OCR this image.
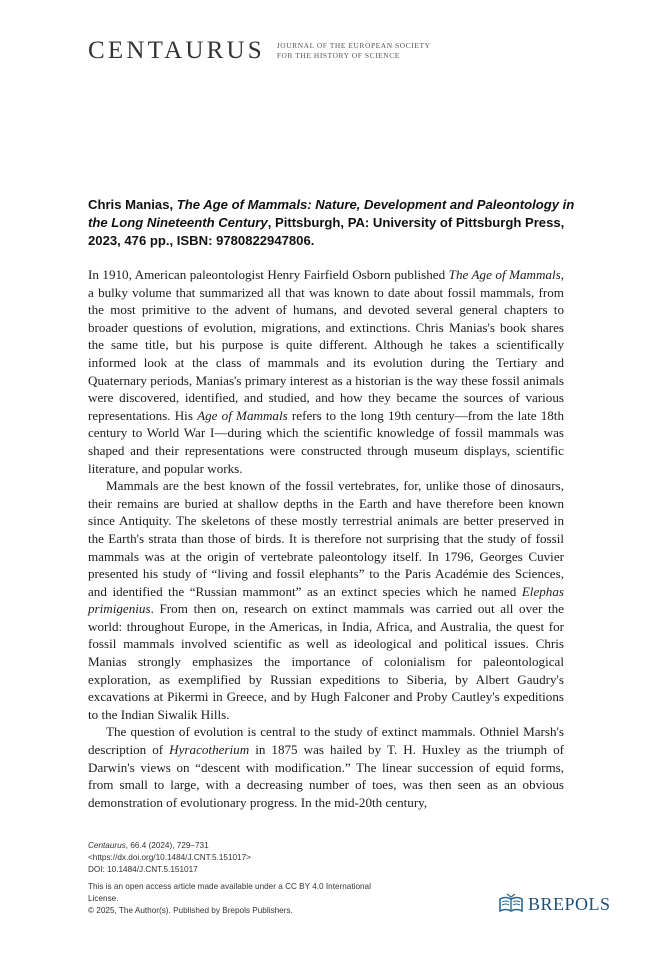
CENTAURUS JOURNAL OF THE EUROPEAN SOCIETY
FOR THE HISTORY OF SCIENCE
Chris Manias, The Age of Mammals: Nature, Development and Paleontology in the Long Nineteenth Century, Pittsburgh, PA: University of Pittsburgh Press, 2023, 476 pp., ISBN: 9780822947806.

In 1910, American paleontologist Henry Fairfield Osborn published The Age of Mammals, a bulky volume that summarized all that was known to date about fossil mammals, from the most primitive to the advent of humans, and devoted several general chapters to broader questions of evolution, migrations, and extinctions. Chris Manias's book shares the same title, but his purpose is quite different. Although he takes a scientifically informed look at the class of mammals and its evolution during the Tertiary and Quaternary periods, Manias's primary interest as a historian is the way these fossil animals were discovered, identified, and studied, and how they became the sources of various representations. His Age of Mammals refers to the long 19th century—from the late 18th century to World War I—during which the scientific knowledge of fossil mammals was shaped and their representations were constructed through museum displays, scientific literature, and popular works.

Mammals are the best known of the fossil vertebrates, for, unlike those of dinosaurs, their remains are buried at shallow depths in the Earth and have therefore been known since Antiquity. The skeletons of these mostly terrestrial animals are better preserved in the Earth's strata than those of birds. It is therefore not surprising that the study of fossil mammals was at the origin of vertebrate paleontology itself. In 1796, Georges Cuvier presented his study of “living and fossil elephants” to the Paris Académie des Sciences, and identified the “Russian mammont” as an extinct species which he named Elephas primigenius. From then on, research on extinct mammals was carried out all over the world: throughout Europe, in the Americas, in India, Africa, and Australia, the quest for fossil mammals involved scientific as well as ideological and political issues. Chris Manias strongly emphasizes the importance of colonialism for paleontological exploration, as exemplified by Russian expeditions to Siberia, by Albert Gaudry's excavations at Pikermi in Greece, and by Hugh Falconer and Proby Cautley's expeditions to the Indian Siwalik Hills.

The question of evolution is central to the study of extinct mammals. Othniel Marsh's description of Hyracotherium in 1875 was hailed by T. H. Huxley as the triumph of Darwin's views on “descent with modification.” The linear succession of equid forms, from small to large, with a decreasing number of toes, was then seen as an obvious demonstration of evolutionary progress. In the mid-20th century,

Centaurus, 66.4 (2024), 729–731
<https://dx.doi.org/10.1484/J.CNT.5.151017>
DOI: 10.1484/J.CNT.5.151017
This is an open access article made available under a CC BY 4.0 International License.
© 2025, The Author(s). Published by Brepols Publishers.	BREPOLS
